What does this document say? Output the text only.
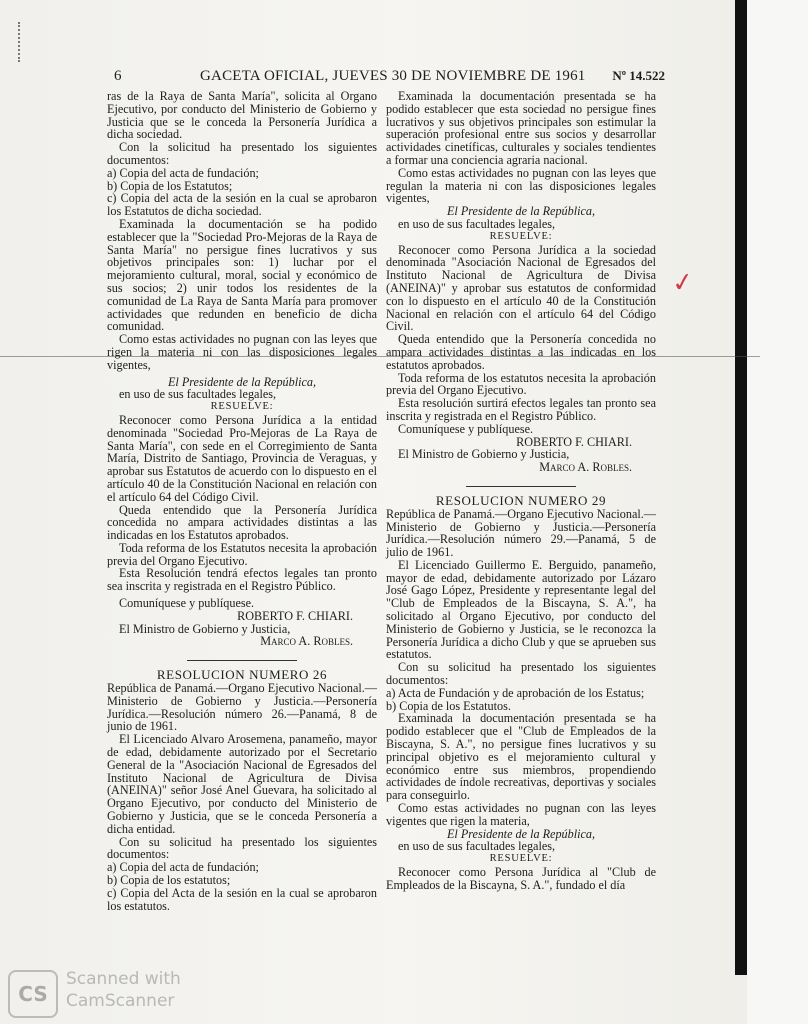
6	GACETA OFICIAL, JUEVES 30 DE NOVIEMBRE DE 1961 Nº 14.522

ras de la Raya de Santa María", solicita al Organo Ejecutivo, por conducto del Ministerio de Gobierno y Justicia que se le conceda la Personería Jurídica a dicha sociedad.

Con la solicitud ha presentado los siguientes documentos:

a) Copia del acta de fundación;

b) Copia de los Estatutos;

c) Copia del acta de la sesión en la cual se aprobaron los Estatutos de dicha sociedad.

Examinada la documentación se ha podido establecer que la "Sociedad Pro-Mejoras de la Raya de Santa María" no persigue fines lucrativos y sus objetivos principales son: 1) luchar por el mejoramiento cultural, moral, social y económico de sus socios; 2) unir todos los residentes de la comunidad de La Raya de Santa María para promover actividades que redunden en beneficio de dicha comunidad.

Como estas actividades no pugnan con las leyes que rigen la materia ni con las disposiciones legales vigentes,

El Presidente de la República,

en uso de sus facultades legales,

RESUELVE:

Reconocer como Persona Jurídica a la entidad denominada "Sociedad Pro-Mejoras de La Raya de Santa María", con sede en el Corregimiento de Santa María, Distrito de Santiago, Provincia de Veraguas, y aprobar sus Estatutos de acuerdo con lo dispuesto en el artículo 40 de la Constitución Nacional en relación con el artículo 64 del Código Civil.

Queda entendido que la Personería Jurídica concedida no ampara actividades distintas a las indicadas en los Estatutos aprobados.

Toda reforma de los Estatutos necesita la aprobación previa del Organo Ejecutivo.

Esta Resolución tendrá efectos legales tan pronto sea inscrita y registrada en el Registro Público.

Comuníquese y publíquese.

ROBERTO F. CHIARI.

El Ministro de Gobierno y Justicia,

Marco A. Robles.

RESOLUCION NUMERO 26

República de Panamá.—Organo Ejecutivo Nacional.—Ministerio de Gobierno y Justicia.—Personería Jurídica.—Resolución número 26.—Panamá, 8 de junio de 1961.

El Licenciado Alvaro Arosemena, panameño, mayor de edad, debidamente autorizado por el Secretario General de la "Asociación Nacional de Egresados del Instituto Nacional de Agricultura de Divisa (ANEINA)" señor José Anel Guevara, ha solicitado al Organo Ejecutivo, por conducto del Ministerio de Gobierno y Justicia, que se le conceda Personería a dicha entidad.

Con su solicitud ha presentado los siguientes documentos:

a) Copia del acta de fundación;

b) Copia de los estatutos;

c) Copia del Acta de la sesión en la cual se aprobaron los estatutos.

Examinada la documentación presentada se ha podido establecer que esta sociedad no persigue fines lucrativos y sus objetivos principales son estimular la superación profesional entre sus socios y desarrollar actividades cinetíficas, culturales y sociales tendientes a formar una conciencia agraria nacional.

Como estas actividades no pugnan con las leyes que regulan la materia ni con las disposiciones legales vigentes,

El Presidente de la República,

en uso de sus facultades legales,

RESUELVE:

Reconocer como Persona Jurídica a la sociedad denominada "Asociación Nacional de Egresados del Instituto Nacional de Agricultura de Divisa (ANEINA)" y aprobar sus estatutos de conformidad con lo dispuesto en el artículo 40 de la Constitución Nacional en relación con el artículo 64 del Código Civil.

Queda entendido que la Personería concedida no ampara actividades distintas a las indicadas en los estatutos aprobados.

Toda reforma de los estatutos necesita la aprobación previa del Organo Ejecutivo.

Esta resolución surtirá efectos legales tan pronto sea inscrita y registrada en el Registro Público.

Comuníquese y publíquese.

ROBERTO F. CHIARI.

El Ministro de Gobierno y Justicia,

Marco A. Robles.

RESOLUCION NUMERO 29

República de Panamá.—Organo Ejecutivo Nacional.—Ministerio de Gobierno y Justicia.—Personería Jurídica.—Resolución número 29.—Panamá, 5 de julio de 1961.

El Licenciado Guillermo E. Berguido, panameño, mayor de edad, debidamente autorizado por Lázaro José Gago López, Presidente y representante legal del "Club de Empleados de la Biscayna, S. A.", ha solicitado al Organo Ejecutivo, por conducto del Ministerio de Gobierno y Justicia, se le reconozca la Personería Jurídica a dicho Club y que se aprueben sus estatutos.

Con su solicitud ha presentado los siguientes documentos:

a) Acta de Fundación y de aprobación de los Estatus;

b) Copia de los Estatutos.

Examinada la documentación presentada se ha podido establecer que el "Club de Empleados de la Biscayna, S. A.", no persigue fines lucrativos y su principal objetivo es el mejoramiento cultural y económico entre sus miembros, propendiendo actividades de índole recreativas, deportivas y sociales para conseguirlo.

Como estas actividades no pugnan con las leyes vigentes que rigen la materia,

El Presidente de la República,

en uso de sus facultades legales,

RESUELVE:

Reconocer como Persona Jurídica al "Club de Empleados de la Biscayna, S. A.", fundado el día

✓
CS
Scanned with
CamScanner
